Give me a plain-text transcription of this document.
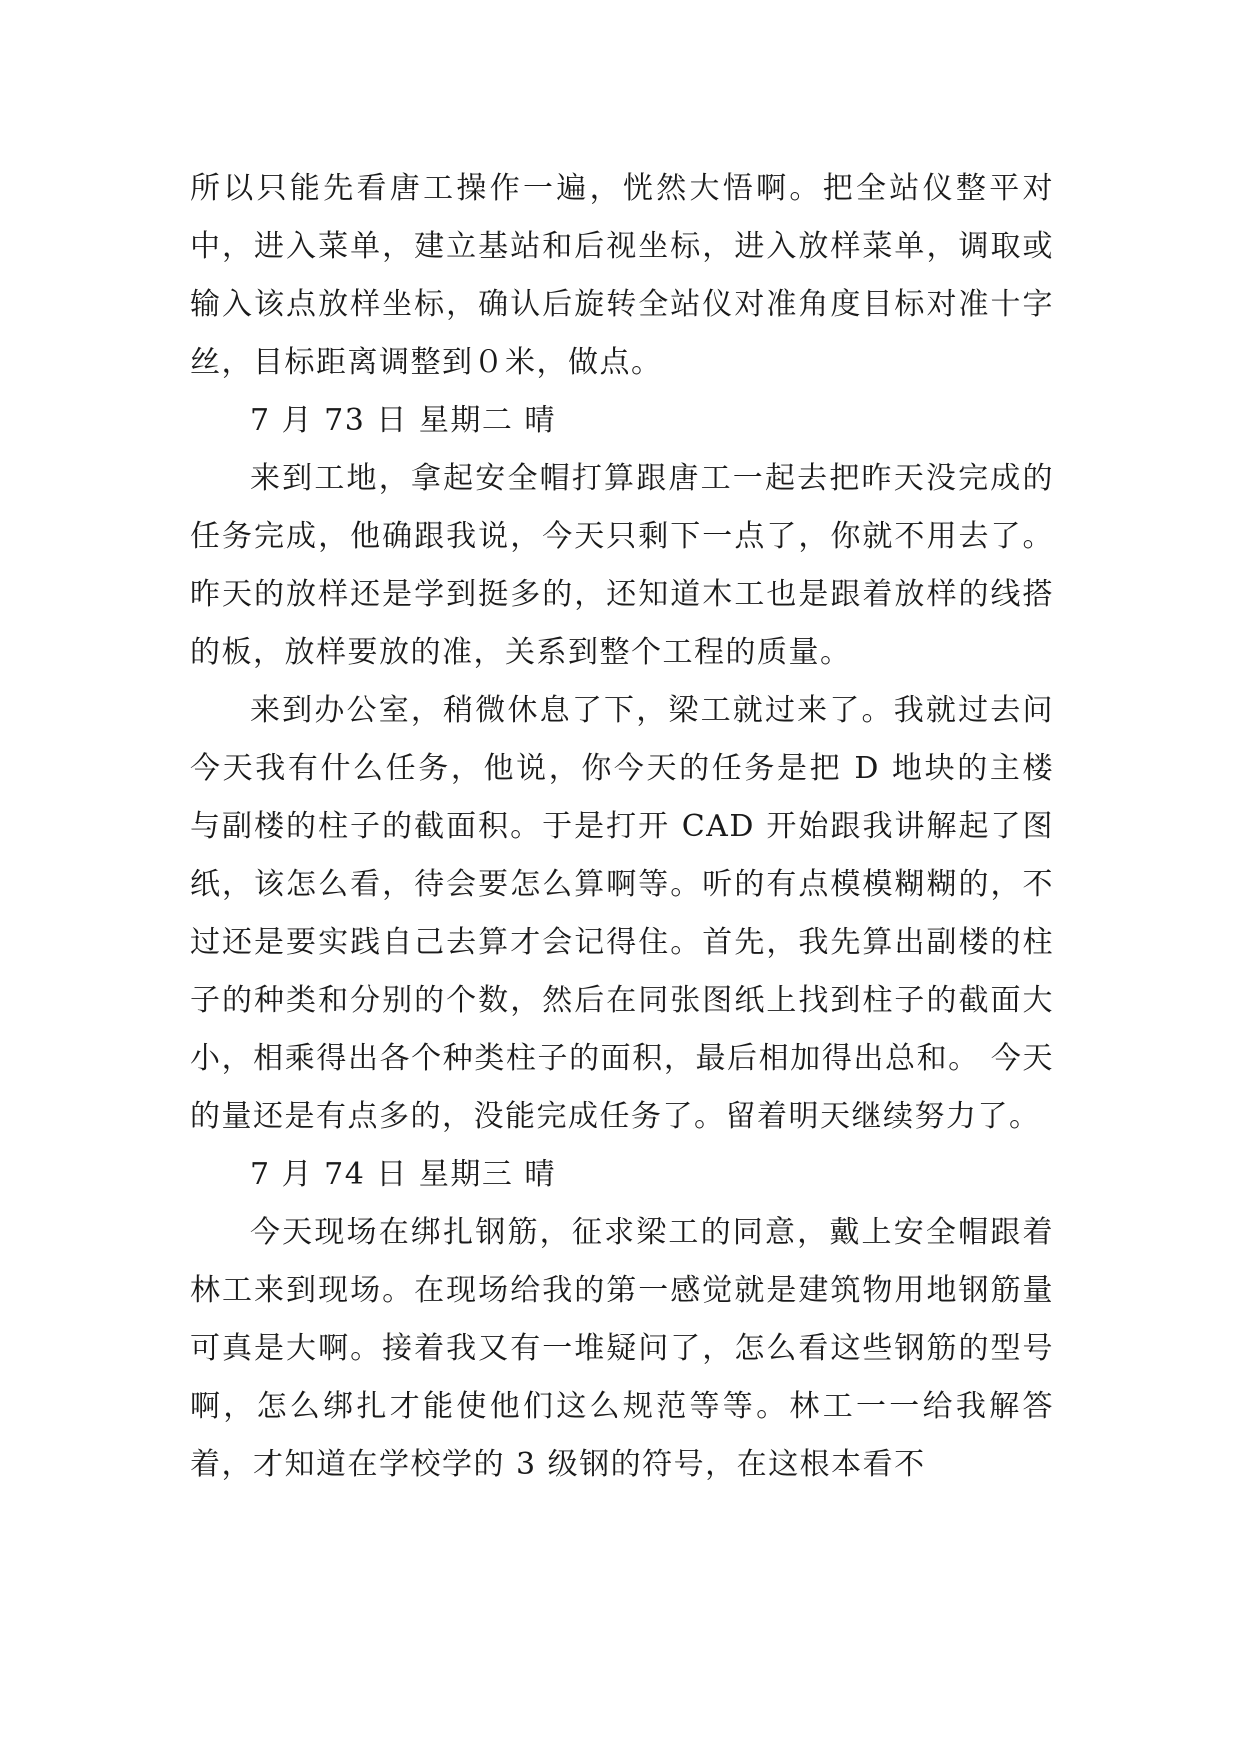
所以只能先看唐工操作一遍，恍然大悟啊。把全站仪整平对中，进入菜单，建立基站和后视坐标，进入放样菜单，调取或输入该点放样坐标，确认后旋转全站仪对准角度目标对准十字丝，目标距离调整到０米，做点。

7 月 73 日 星期二 晴

来到工地，拿起安全帽打算跟唐工一起去把昨天没完成的任务完成，他确跟我说，今天只剩下一点了，你就不用去了。昨天的放样还是学到挺多的，还知道木工也是跟着放样的线搭的板，放样要放的准，关系到整个工程的质量。

来到办公室，稍微休息了下，梁工就过来了。我就过去问今天我有什么任务，他说，你今天的任务是把 D 地块的主楼与副楼的柱子的截面积。于是打开 CAD 开始跟我讲解起了图纸，该怎么看，待会要怎么算啊等。听的有点模模糊糊的，不过还是要实践自己去算才会记得住。首先，我先算出副楼的柱子的种类和分别的个数，然后在同张图纸上找到柱子的截面大小，相乘得出各个种类柱子的面积，最后相加得出总和。 今天的量还是有点多的，没能完成任务了。留着明天继续努力了。

7 月 74 日 星期三 晴

今天现场在绑扎钢筋，征求梁工的同意，戴上安全帽跟着林工来到现场。在现场给我的第一感觉就是建筑物用地钢筋量可真是大啊。接着我又有一堆疑问了，怎么看这些钢筋的型号啊，怎么绑扎才能使他们这么规范等等。林工一一给我解答着，才知道在学校学的 3 级钢的符号，在这根本看不
